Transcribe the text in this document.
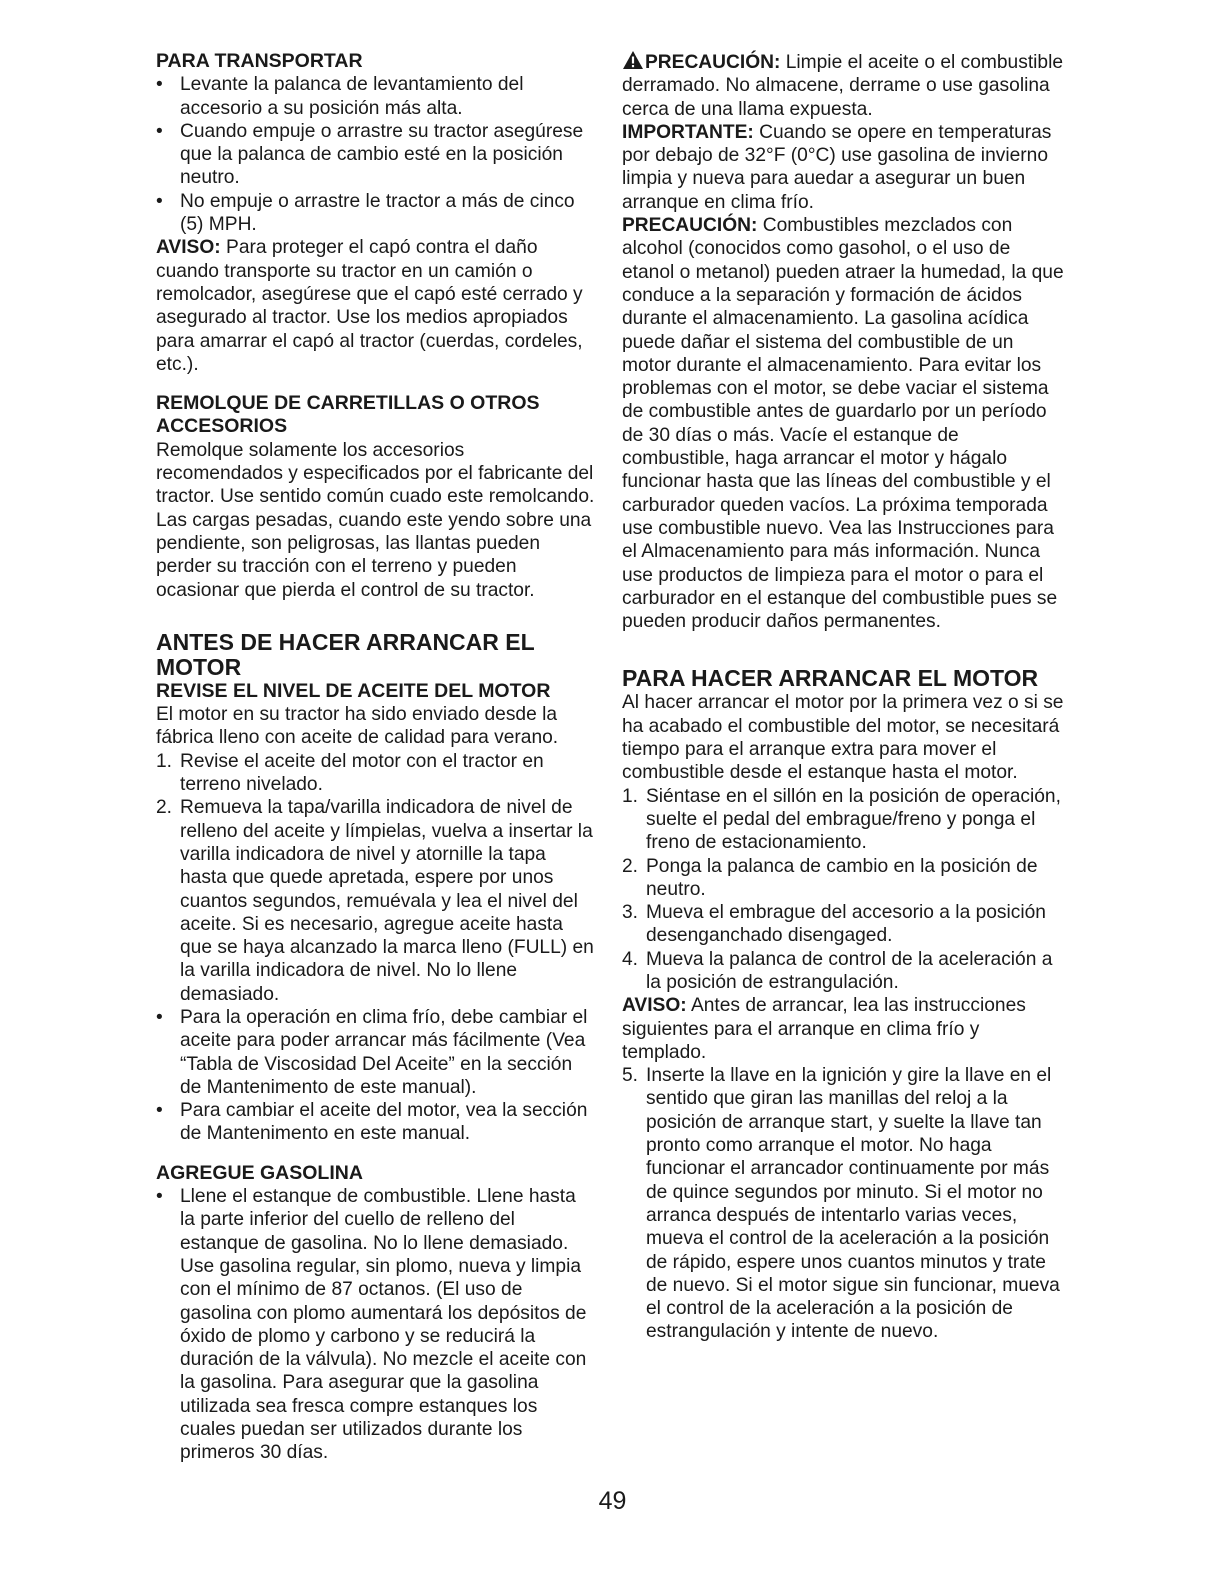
PARA TRANSPORTAR
• Levante la palanca de levantamiento del accesorio a su posición más alta.
• Cuando empuje o arrastre su tractor asegúrese que la palanca de cambio esté en la posición neutro.
• No empuje o arrastre le tractor a más de cinco (5) MPH.

AVISO: Para proteger el capó contra el daño cuando transporte su tractor en un camión o remolcador, asegúrese que el capó esté cerrado y asegurado al tractor. Use los medios apropiados para amarrar el capó al tractor (cuerdas, cordeles, etc.).

REMOLQUE DE CARRETILLAS O OTROS ACCESORIOS

Remolque solamente los accesorios recomendados y especificados por el fabricante del tractor. Use sentido común cuado este remolcando. Las cargas pesadas, cuando este yendo sobre una pendiente, son peligrosas, las llantas pueden perder su tracción con el terreno y pueden ocasionar que pierda el control de su tractor.

ANTES DE HACER ARRANCAR EL MOTOR
REVISE EL NIVEL DE ACEITE DEL MOTOR

El motor en su tractor ha sido enviado desde la fábrica lleno con aceite de calidad para verano.

1. Revise el aceite del motor con el tractor en terreno nivelado.
2. Remueva la tapa/varilla indicadora de nivel de relleno del aceite y límpielas, vuelva a insertar la varilla indicadora de nivel y atornille la tapa hasta que quede apretada, espere por unos cuantos segundos, remuévala y lea el nivel del aceite. Si es necesario, agregue aceite hasta que se haya alcanzado la marca lleno (FULL) en la varilla indicadora de nivel. No lo llene demasiado.
• Para la operación en clima frío, debe cambiar el aceite para poder arrancar más fácilmente (Vea “Tabla de Viscosidad Del Aceite” en la sección de Mantenimento de este manual).
• Para cambiar el aceite del motor, vea la sección de Mantenimento en este manual.
AGREGUE GASOLINA
• Llene el estanque de combustible. Llene hasta la parte inferior del cuello de relleno del estanque de gasolina. No lo llene demasiado. Use gasolina regular, sin plomo, nueva y limpia con el mínimo de 87 octanos. (El uso de gasolina con plomo aumentará los depósitos de óxido de plomo y carbono y se reducirá la duración de la válvula). No mezcle el aceite con la gasolina. Para asegurar que la gasolina utilizada sea fresca compre estanques los cuales puedan ser utilizados durante los primeros 30 días.

PRECAUCIÓN: Limpie el aceite o el combustible derramado. No almacene, derrame o use gasolina cerca de una llama expuesta.

IMPORTANTE: Cuando se opere en temperaturas por debajo de 32°F (0°C) use gasolina de invierno limpia y nueva para auedar a asegurar un buen arranque en clima frío.

PRECAUCIÓN: Combustibles mezclados con alcohol (conocidos como gasohol, o el uso de etanol o metanol) pueden atraer la humedad, la que conduce a la separación y formación de ácidos durante el almacenamiento. La gasolina acídica puede dañar el sistema del combustible de un motor durante el almacenamiento. Para evitar los problemas con el motor, se debe vaciar el sistema de combustible antes de guardarlo por un período de 30 días o más. Vacíe el estanque de combustible, haga arrancar el motor y hágalo funcionar hasta que las líneas del combustible y el carburador queden vacíos. La próxima temporada use combustible nuevo. Vea las Instrucciones para el Almacenamiento para más información. Nunca use productos de limpieza para el motor o para el carburador en el estanque del combustible pues se pueden producir daños permanentes.

PARA HACER ARRANCAR EL MOTOR

Al hacer arrancar el motor por la primera vez o si se ha acabado el combustible del motor, se necesitará tiempo para el arranque extra para mover el combustible desde el estanque hasta el motor.

1. Siéntase en el sillón en la posición de operación, suelte el pedal del embrague/freno y ponga el freno de estacionamiento.
2. Ponga la palanca de cambio en la posición de neutro.
3. Mueva el embrague del accesorio a la posición desenganchado disengaged.
4. Mueva la palanca de control de la aceleración a la posición de estrangulación.

AVISO: Antes de arrancar, lea las instrucciones siguientes para el arranque en clima frío y templado.

5. Inserte la llave en la ignición y gire la llave en el sentido que giran las manillas del reloj a la posición de arranque start, y suelte la llave tan pronto como arranque el motor. No haga funcionar el arrancador continuamente por más de quince segundos por minuto. Si el motor no arranca después de intentarlo varias veces, mueva el control de la aceleración a la posición de rápido, espere unos cuantos minutos y trate de nuevo. Si el motor sigue sin funcionar, mueva el control de la aceleración a la posición de estrangulación y intente de nuevo.
49
